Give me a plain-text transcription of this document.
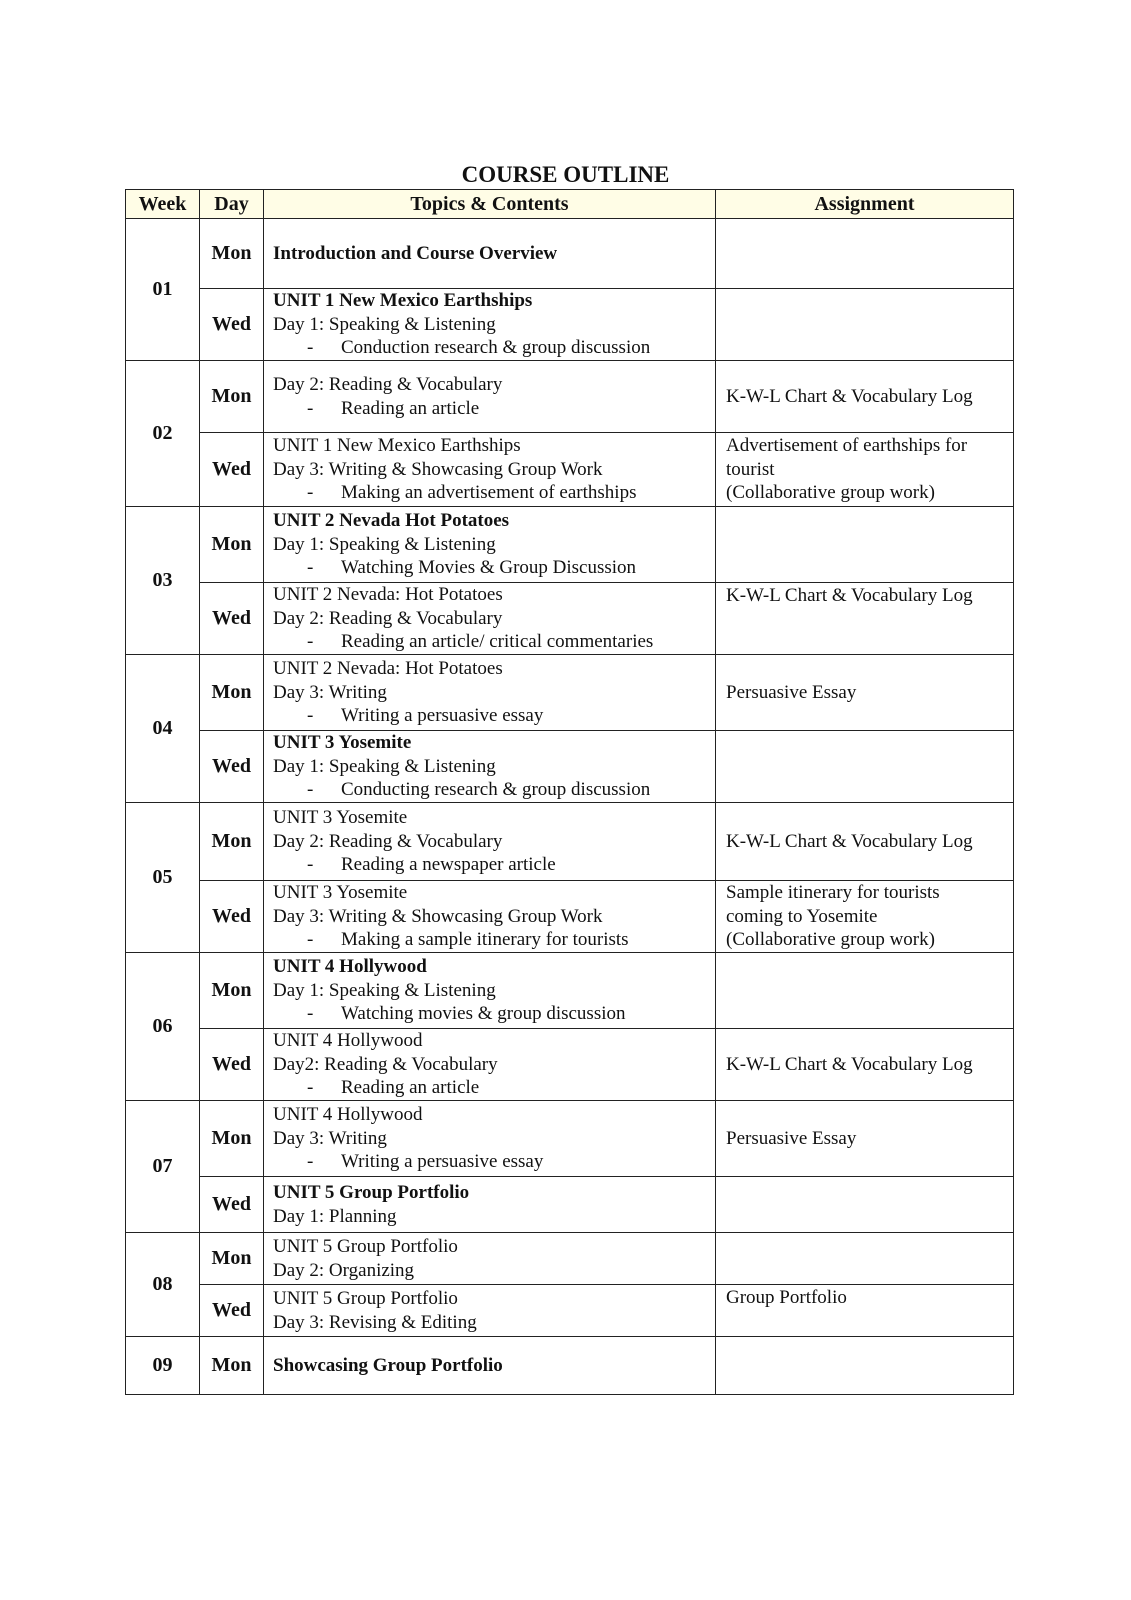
COURSE OUTLINE
Week	Day	Topics & Contents	Assignment
01	Mon	Introduction and Course Overview	

	Wed	UNIT 1 New Mexico Earthships
Day 1: Speaking & Listening
- Conduction research & group discussion

02	Mon	Day 2: Reading & Vocabulary
- Reading an article	K-W-L Chart & Vocabulary Log

	Wed	UNIT 1 New Mexico Earthships
Day 3: Writing & Showcasing Group Work
- Making an advertisement of earthships	Advertisement of earthships for
tourist
(Collaborative group work)

03	Mon	UNIT 2 Nevada Hot Potatoes
Day 1: Speaking & Listening
- Watching Movies & Group Discussion

	Wed	UNIT 2 Nevada: Hot Potatoes
Day 2: Reading & Vocabulary
- Reading an article/ critical commentaries	K-W-L Chart & Vocabulary Log

04	Mon	UNIT 2 Nevada: Hot Potatoes
Day 3: Writing
- Writing a persuasive essay	Persuasive Essay

	Wed	UNIT 3 Yosemite
Day 1: Speaking & Listening
- Conducting research & group discussion

05	Mon	UNIT 3 Yosemite
Day 2: Reading & Vocabulary
- Reading a newspaper article	K-W-L Chart & Vocabulary Log

	Wed	UNIT 3 Yosemite
Day 3: Writing & Showcasing Group Work
- Making a sample itinerary for tourists	Sample itinerary for tourists
coming to Yosemite
(Collaborative group work)

06	Mon	UNIT 4 Hollywood
Day 1: Speaking & Listening
- Watching movies & group discussion

	Wed	UNIT 4 Hollywood
Day2: Reading & Vocabulary
- Reading an article	K-W-L Chart & Vocabulary Log

07	Mon	UNIT 4 Hollywood
Day 3: Writing
- Writing a persuasive essay	Persuasive Essay

	Wed	UNIT 5 Group Portfolio
Day 1: Planning	

08	Mon	UNIT 5 Group Portfolio
Day 2: Organizing	

	Wed	UNIT 5 Group Portfolio
Day 3: Revising & Editing	Group Portfolio

09	Mon	Showcasing Group Portfolio	
